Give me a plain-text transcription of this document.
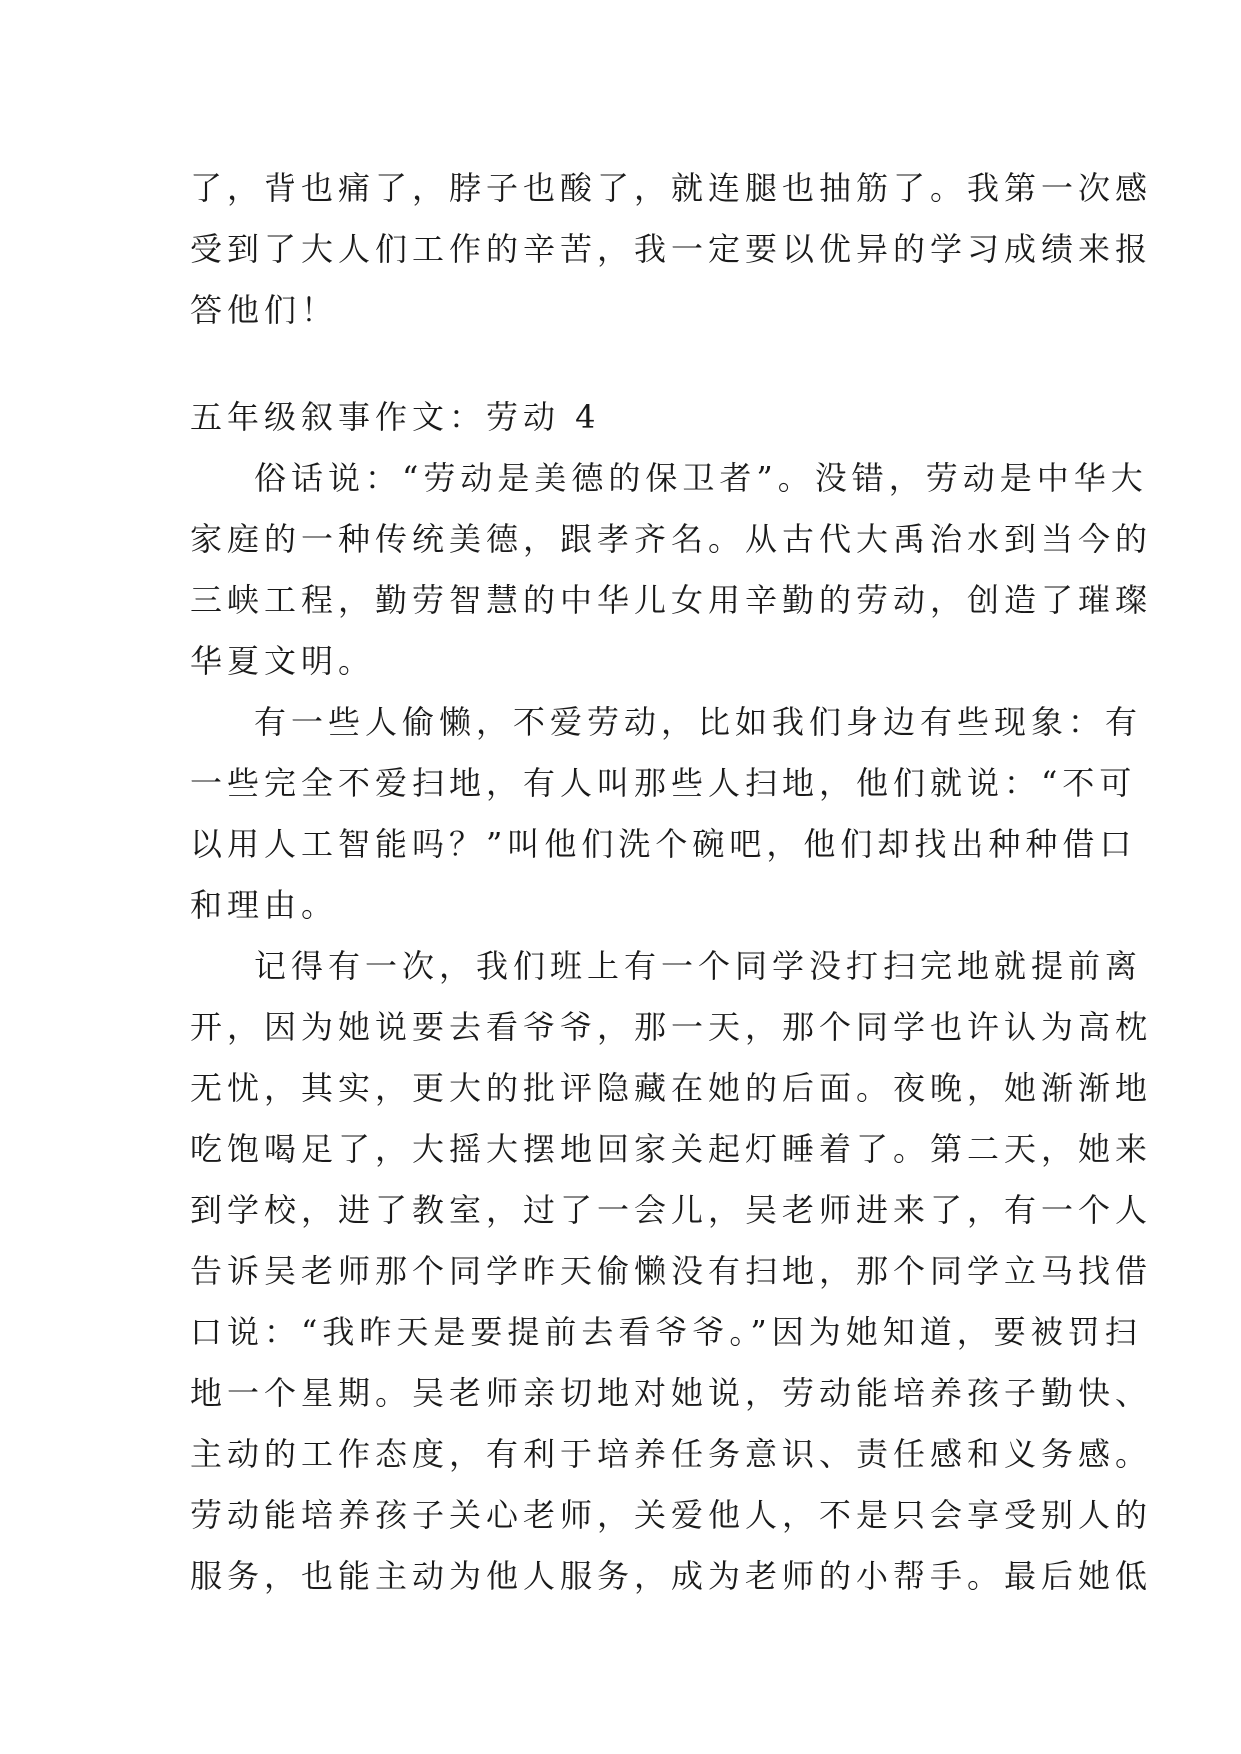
了，背也痛了，脖子也酸了，就连腿也抽筋了。我第一次感
受到了大人们工作的辛苦，我一定要以优异的学习成绩来报
答他们！
五年级叙事作文：劳动 4
俗话说：“劳动是美德的保卫者”。没错，劳动是中华大
家庭的一种传统美德，跟孝齐名。从古代大禹治水到当今的
三峡工程，勤劳智慧的中华儿女用辛勤的劳动，创造了璀璨
华夏文明。
有一些人偷懒，不爱劳动，比如我们身边有些现象：有
一些完全不爱扫地，有人叫那些人扫地，他们就说：“不可
以用人工智能吗？”叫他们洗个碗吧，他们却找出种种借口
和理由。
记得有一次，我们班上有一个同学没打扫完地就提前离
开，因为她说要去看爷爷，那一天，那个同学也许认为高枕
无忧，其实，更大的批评隐藏在她的后面。夜晚，她渐渐地
吃饱喝足了，大摇大摆地回家关起灯睡着了。第二天，她来
到学校，进了教室，过了一会儿，吴老师进来了，有一个人
告诉吴老师那个同学昨天偷懒没有扫地，那个同学立马找借
口说：“我昨天是要提前去看爷爷。”因为她知道，要被罚扫
地一个星期。吴老师亲切地对她说，劳动能培养孩子勤快、
主动的工作态度，有利于培养任务意识、责任感和义务感。
劳动能培养孩子关心老师，关爱他人，不是只会享受别人的
服务，也能主动为他人服务，成为老师的小帮手。最后她低
